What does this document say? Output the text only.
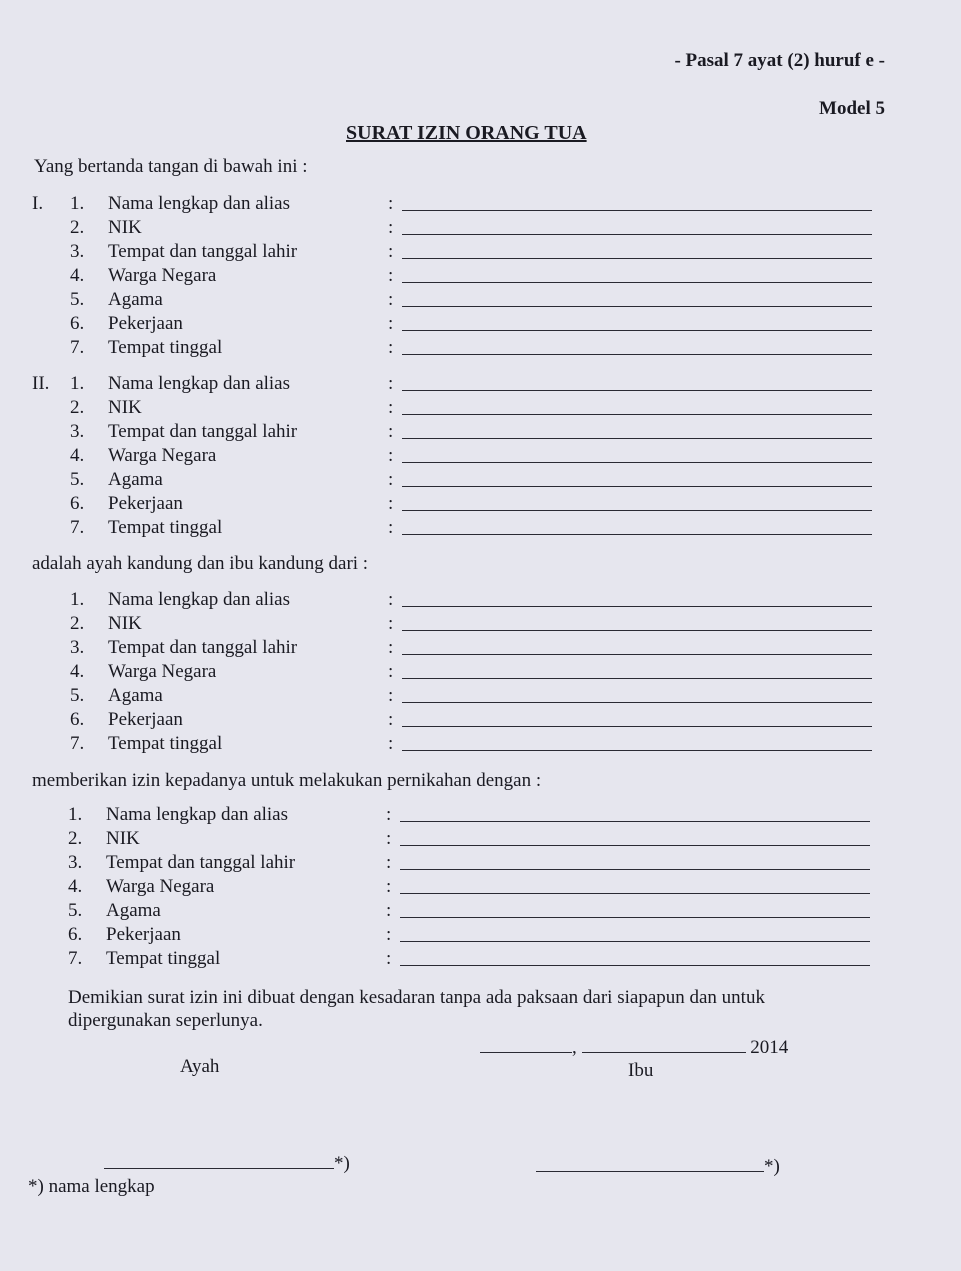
- Pasal 7 ayat (2) huruf e -
Model 5
SURAT IZIN ORANG TUA
Yang bertanda tangan di bawah ini :
I. 1. Nama lengkap dan alias	:
2. NIK	:
3. Tempat dan tanggal lahir	:
4. Warga Negara	:
5. Agama	:
6. Pekerjaan	:
7. Tempat tinggal	:
II. 1. Nama lengkap dan alias	:
2. NIK	:
3. Tempat dan tanggal lahir	:
4. Warga Negara	:
5. Agama	:
6. Pekerjaan	:
7. Tempat tinggal	:
adalah ayah kandung dan ibu kandung dari :
1. Nama lengkap dan alias	:
2. NIK	:
3. Tempat dan tanggal lahir	:
4. Warga Negara	:
5. Agama	:
6. Pekerjaan	:
7. Tempat tinggal	:
memberikan izin kepadanya untuk melakukan pernikahan dengan :
1. Nama lengkap dan alias	:
2. NIK	:
3. Tempat dan tanggal lahir	:
4. Warga Negara	:
5. Agama	:
6. Pekerjaan	:
7. Tempat tinggal	:
Demikian surat izin ini dibuat dengan kesadaran tanpa ada paksaan dari siapapun dan untuk dipergunakan seperlunya.
,	2014
Ayah	Ibu
*)	*)
*) nama lengkap
